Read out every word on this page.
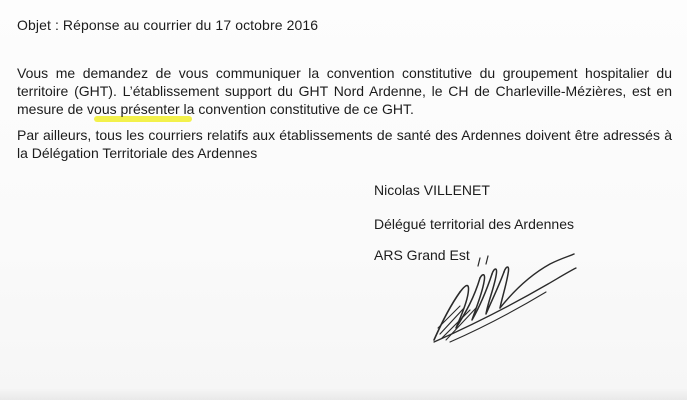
Objet : Réponse au courrier du 17 octobre 2016
Vous me demandez de vous communiquer la convention constitutive du groupement hospitalier du
territoire (GHT). L’établissement support du GHT Nord Ardenne, le CH de Charleville-Mézières, est en
mesure de vous présenter la convention constitutive de ce GHT.
Par ailleurs, tous les courriers relatifs aux établissements de santé des Ardennes doivent être adressés à
la Délégation Territoriale des Ardennes
Nicolas VILLENET
Délégué territorial des Ardennes
ARS Grand Est
